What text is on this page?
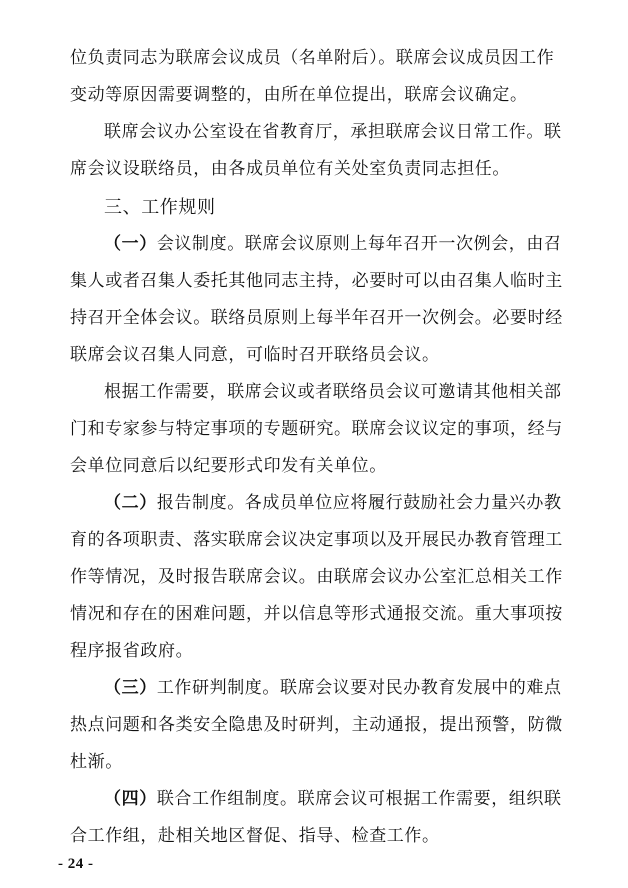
位负责同志为联席会议成员（名单附后）。联席会议成员因工作
变动等原因需要调整的，由所在单位提出，联席会议确定。
联席会议办公室设在省教育厅，承担联席会议日常工作。联
席会议设联络员，由各成员单位有关处室负责同志担任。
三、工作规则
（一）会议制度。联席会议原则上每年召开一次例会，由召
集人或者召集人委托其他同志主持，必要时可以由召集人临时主
持召开全体会议。联络员原则上每半年召开一次例会。必要时经
联席会议召集人同意，可临时召开联络员会议。
根据工作需要，联席会议或者联络员会议可邀请其他相关部
门和专家参与特定事项的专题研究。联席会议议定的事项，经与
会单位同意后以纪要形式印发有关单位。
（二）报告制度。各成员单位应将履行鼓励社会力量兴办教
育的各项职责、落实联席会议决定事项以及开展民办教育管理工
作等情况，及时报告联席会议。由联席会议办公室汇总相关工作
情况和存在的困难问题，并以信息等形式通报交流。重大事项按
程序报省政府。
（三）工作研判制度。联席会议要对民办教育发展中的难点
热点问题和各类安全隐患及时研判，主动通报，提出预警，防微
杜渐。
（四）联合工作组制度。联席会议可根据工作需要，组织联
合工作组，赴相关地区督促、指导、检查工作。
- 24 -
